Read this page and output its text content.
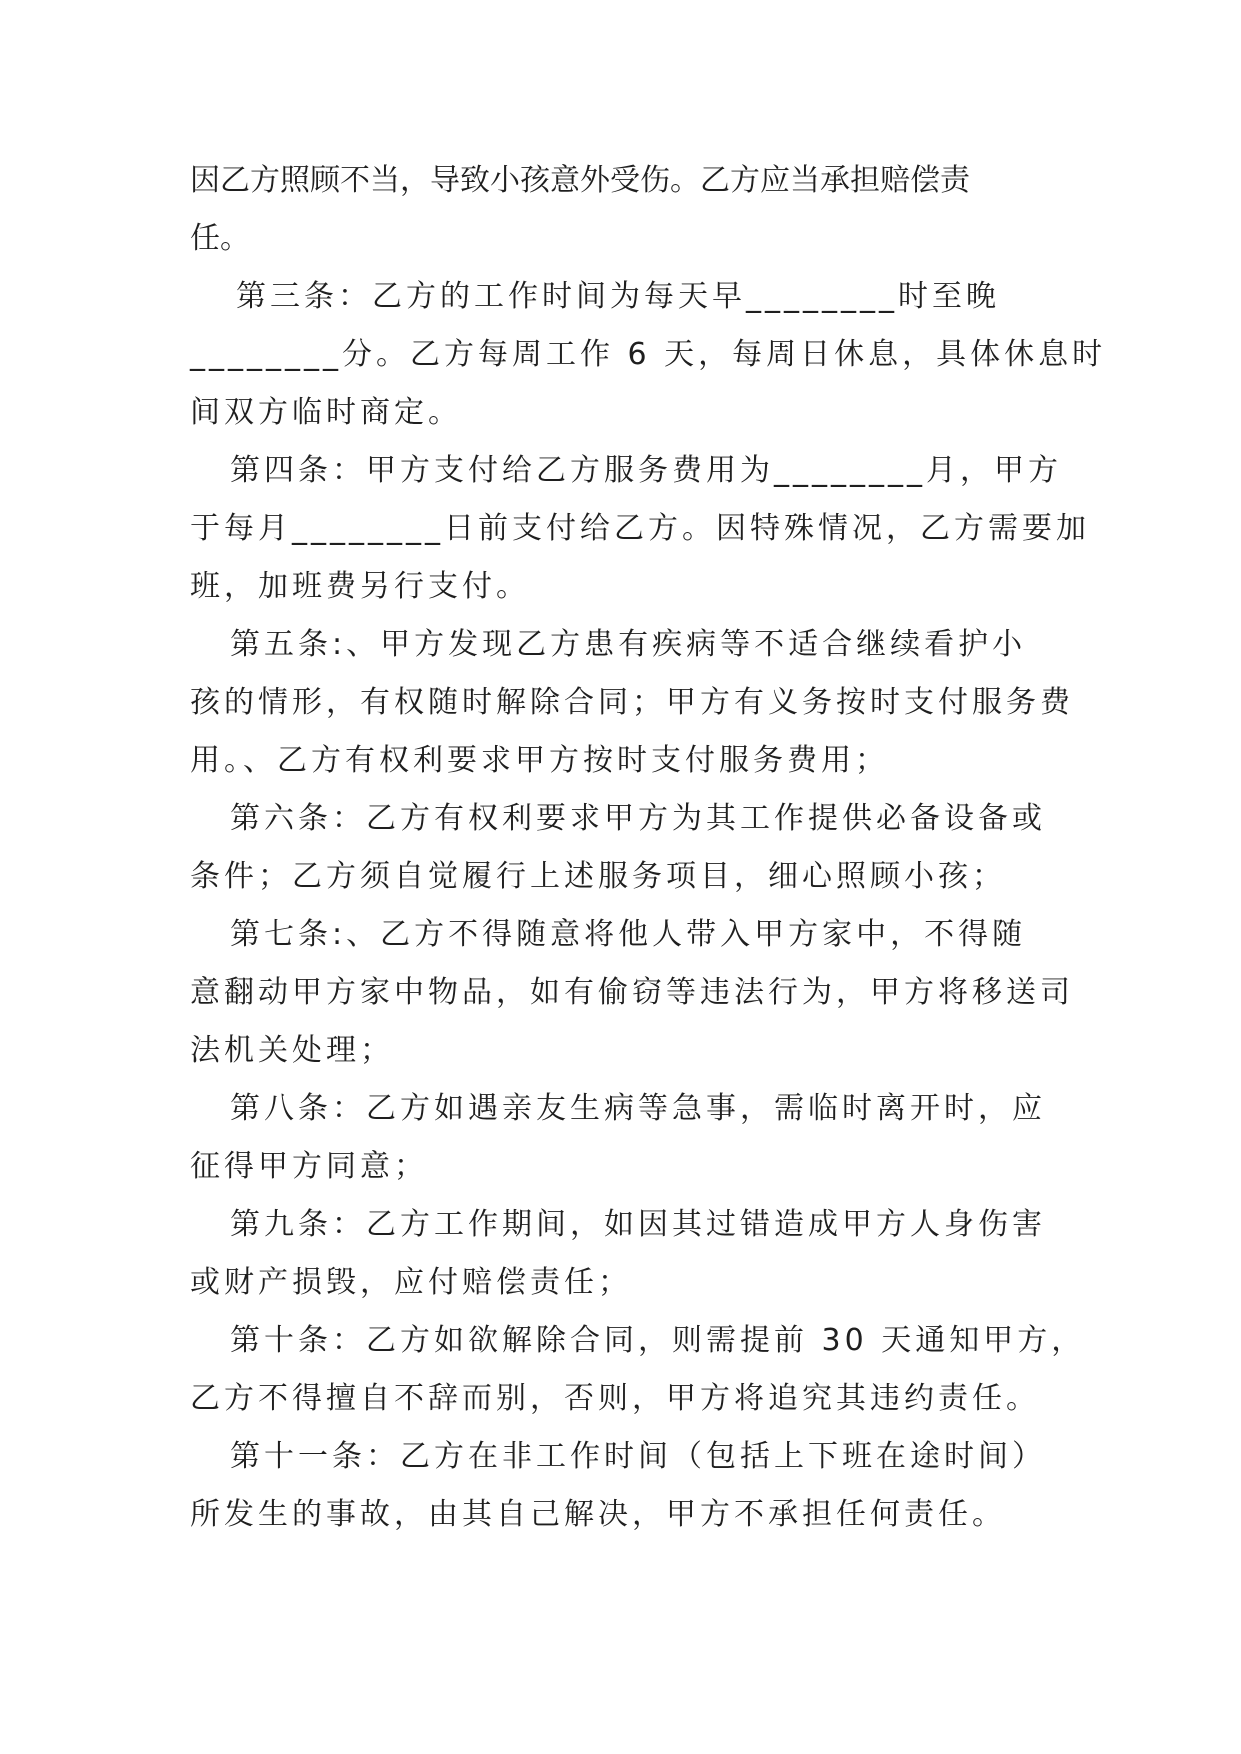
因乙方照顾不当，导致小孩意外受伤。乙方应当承担赔偿责
任。

第三条：乙方的工作时间为每天早________时至晚
________分。乙方每周工作 6 天，每周日休息，具体休息时
间双方临时商定。

第四条：甲方支付给乙方服务费用为________月，甲方
于每月________日前支付给乙方。因特殊情况，乙方需要加
班，加班费另行支付。

第五条:、甲方发现乙方患有疾病等不适合继续看护小
孩的情形，有权随时解除合同；甲方有义务按时支付服务费
用。、乙方有权利要求甲方按时支付服务费用；

第六条：乙方有权利要求甲方为其工作提供必备设备或
条件；乙方须自觉履行上述服务项目，细心照顾小孩；

第七条:、乙方不得随意将他人带入甲方家中，不得随
意翻动甲方家中物品，如有偷窃等违法行为，甲方将移送司
法机关处理；

第八条：乙方如遇亲友生病等急事，需临时离开时，应
征得甲方同意；

第九条：乙方工作期间，如因其过错造成甲方人身伤害
或财产损毁，应付赔偿责任；

第十条：乙方如欲解除合同，则需提前 30 天通知甲方，
乙方不得擅自不辞而别，否则，甲方将追究其违约责任。

第十一条：乙方在非工作时间（包括上下班在途时间）
所发生的事故，由其自己解决，甲方不承担任何责任。
